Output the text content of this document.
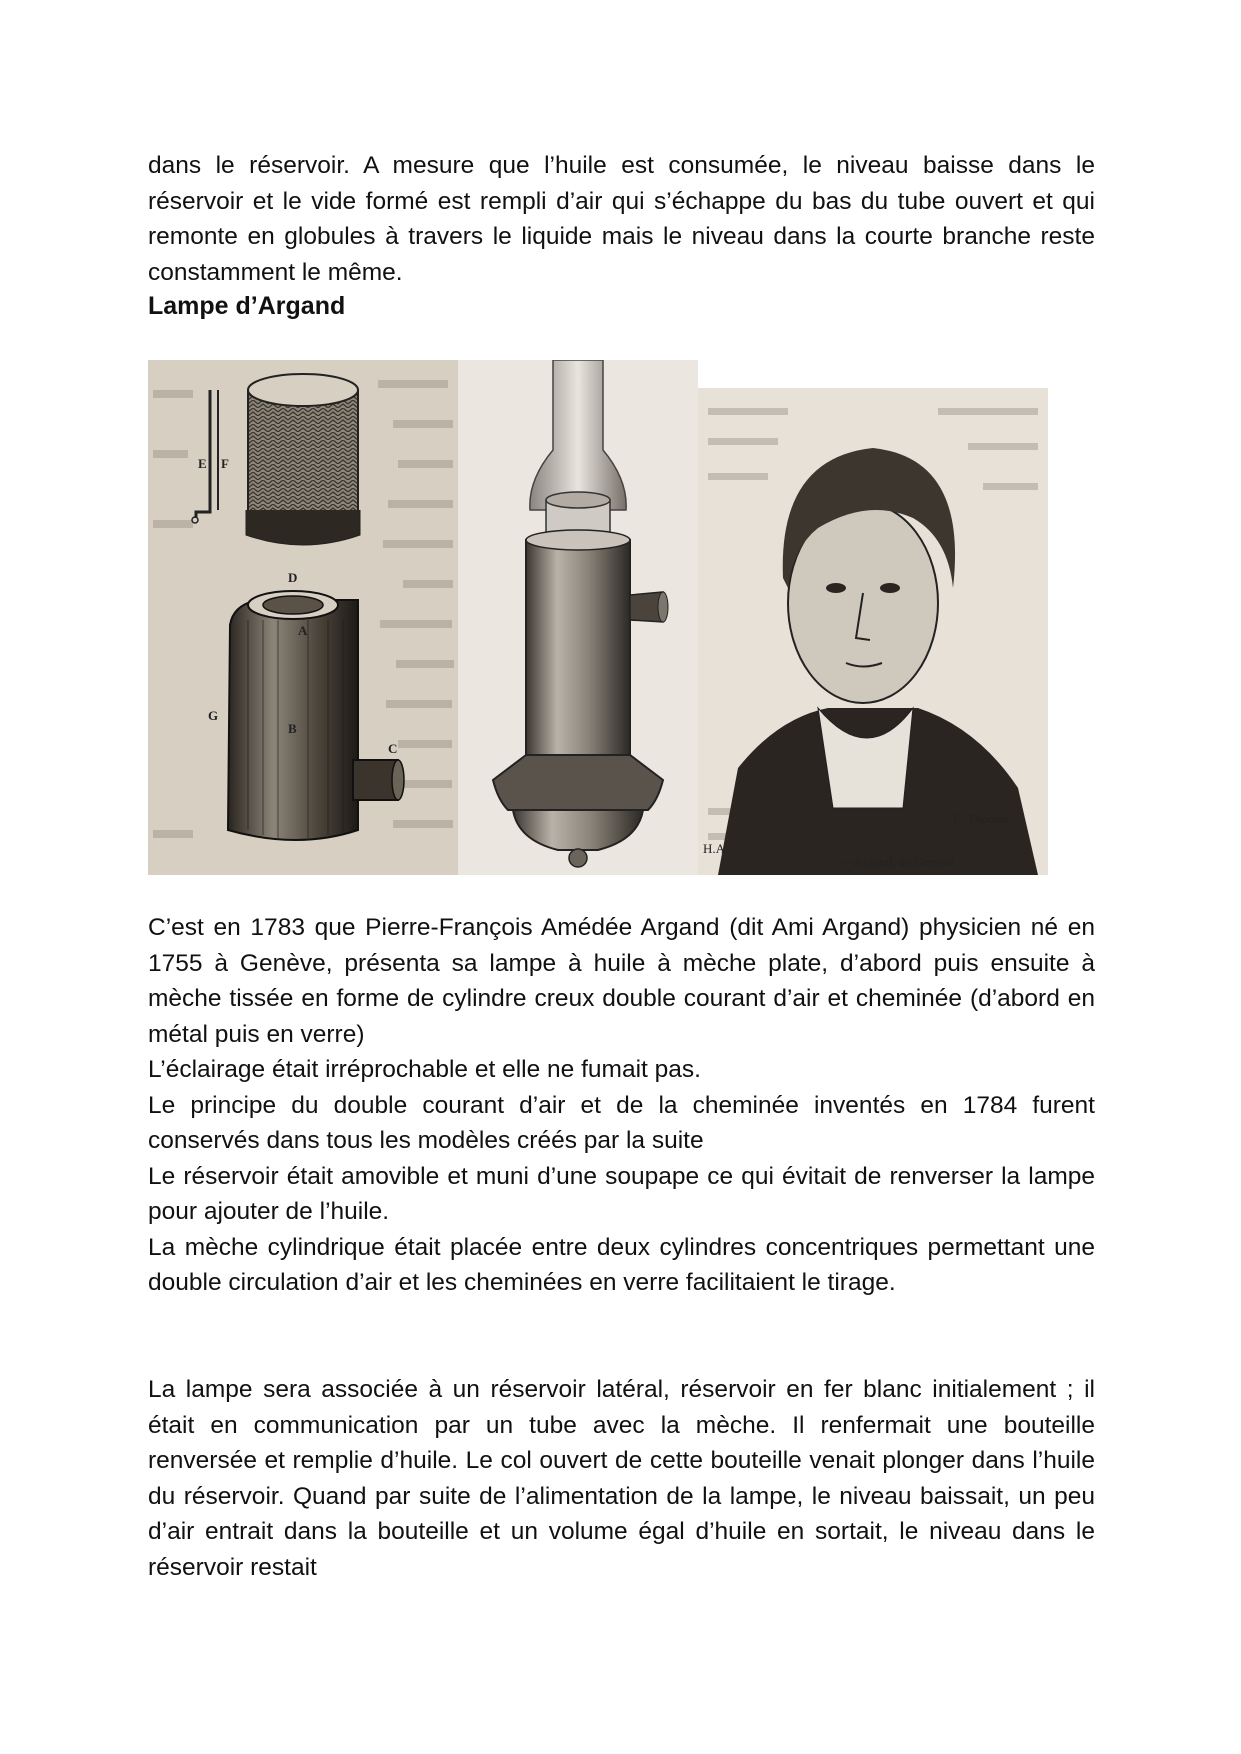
dans le réservoir. A mesure que l’huile est consumée, le niveau baisse dans le réservoir et le vide formé est rempli d’air qui s’échappe du bas du tube ouvert et qui remonte en globules à travers le liquide mais le niveau dans la courte branche reste constamment le même.

Lampe d’Argand
E F
D
A
G
B
C
H.A.
E. Thomas
— Argand, de Genève.

C’est en 1783 que Pierre-François Amédée Argand (dit Ami Argand) physicien né en 1755 à Genève, présenta sa lampe à huile à mèche plate, d’abord puis ensuite à mèche tissée en forme de cylindre creux double courant d’air et cheminée (d’abord en métal puis en verre)

L’éclairage était irréprochable et elle ne fumait pas.

Le principe du double courant d’air et de la cheminée inventés en 1784 furent conservés dans tous les modèles créés par la suite

Le réservoir était amovible et muni d’une soupape ce qui évitait de renverser la lampe pour ajouter de l’huile.

La mèche cylindrique était placée entre deux cylindres concentriques permettant une double circulation d’air et les cheminées en verre facilitaient le tirage.

La lampe sera associée à un réservoir latéral, réservoir en fer blanc initialement ; il était en communication par un tube avec la mèche. Il renfermait une bouteille renversée et remplie d’huile. Le col ouvert de cette bouteille venait plonger dans l’huile du réservoir. Quand par suite de l’alimentation de la lampe, le niveau baissait, un peu d’air entrait dans la bouteille et un volume égal d’huile en sortait, le niveau dans le réservoir restait
